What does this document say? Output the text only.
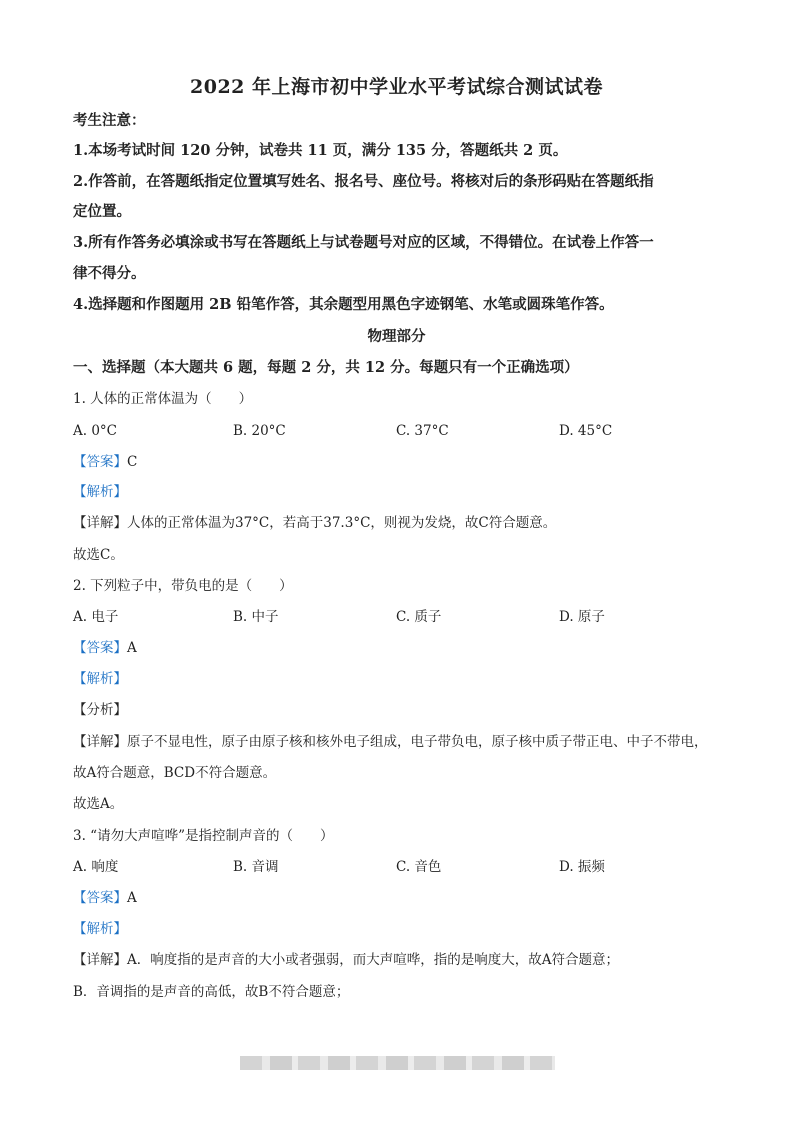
2022 年上海市初中学业水平考试综合测试试卷
考生注意：
1.本场考试时间 120 分钟，试卷共 11 页，满分 135 分，答题纸共 2 页。
2.作答前，在答题纸指定位置填写姓名、报名号、座位号。将核对后的条形码贴在答题纸指
定位置。
3.所有作答务必填涂或书写在答题纸上与试卷题号对应的区域，不得错位。在试卷上作答一
律不得分。
4.选择题和作图题用 2B 铅笔作答，其余题型用黑色字迹钢笔、水笔或圆珠笔作答。
物理部分
一、选择题（本大题共 6 题，每题 2 分，共 12 分。每题只有一个正确选项）
1. 人体的正常体温为（　　）
A. 0°C	B. 20°C	C. 37°C	D. 45°C
【答案】C
【解析】
【详解】人体的正常体温为37°C，若高于37.3°C，则视为发烧，故C符合题意。
故选C。
2. 下列粒子中，带负电的是（　　）
A. 电子	B. 中子	C. 质子	D. 原子
【答案】A
【解析】
【分析】
【详解】原子不显电性，原子由原子核和核外电子组成，电子带负电，原子核中质子带正电、中子不带电，
故A符合题意，BCD不符合题意。
故选A。
3. “请勿大声喧哗”是指控制声音的（　　）
A. 响度	B. 音调	C. 音色	D. 振频
【答案】A
【解析】
【详解】A．响度指的是声音的大小或者强弱，而大声喧哗，指的是响度大，故A符合题意；
B．音调指的是声音的高低，故B不符合题意；
